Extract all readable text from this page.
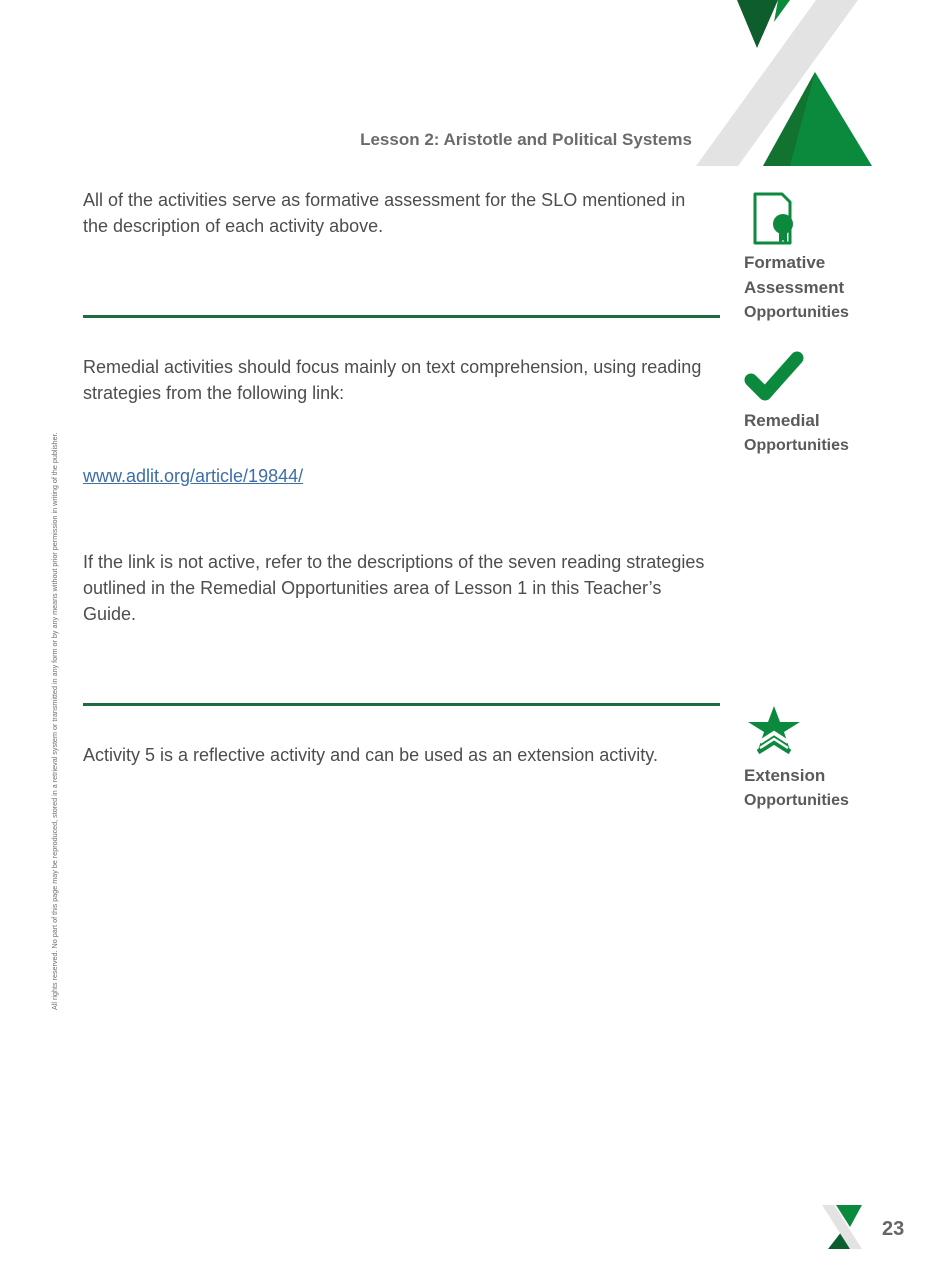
Lesson 2: Aristotle and Political Systems
All rights reserved. No part of this page may be reproduced, stored in a retrieval system or transmitted in any form or by any means without prior permission in writing of the publisher.
All of the activities serve as formative assessment for the SLO mentioned in the description of each activity above.
Formative
Assessment
Opportunities
Remedial activities should focus mainly on text comprehension, using reading strategies from the following link:
Remedial
Opportunities
www.adlit.org/article/19844/
If the link is not active, refer to the descriptions of the seven reading strategies outlined in the Remedial Opportunities area of Lesson 1 in this Teacher’s Guide.
Activity 5 is a reflective activity and can be used as an extension activity.
Extension
Opportunities
23
